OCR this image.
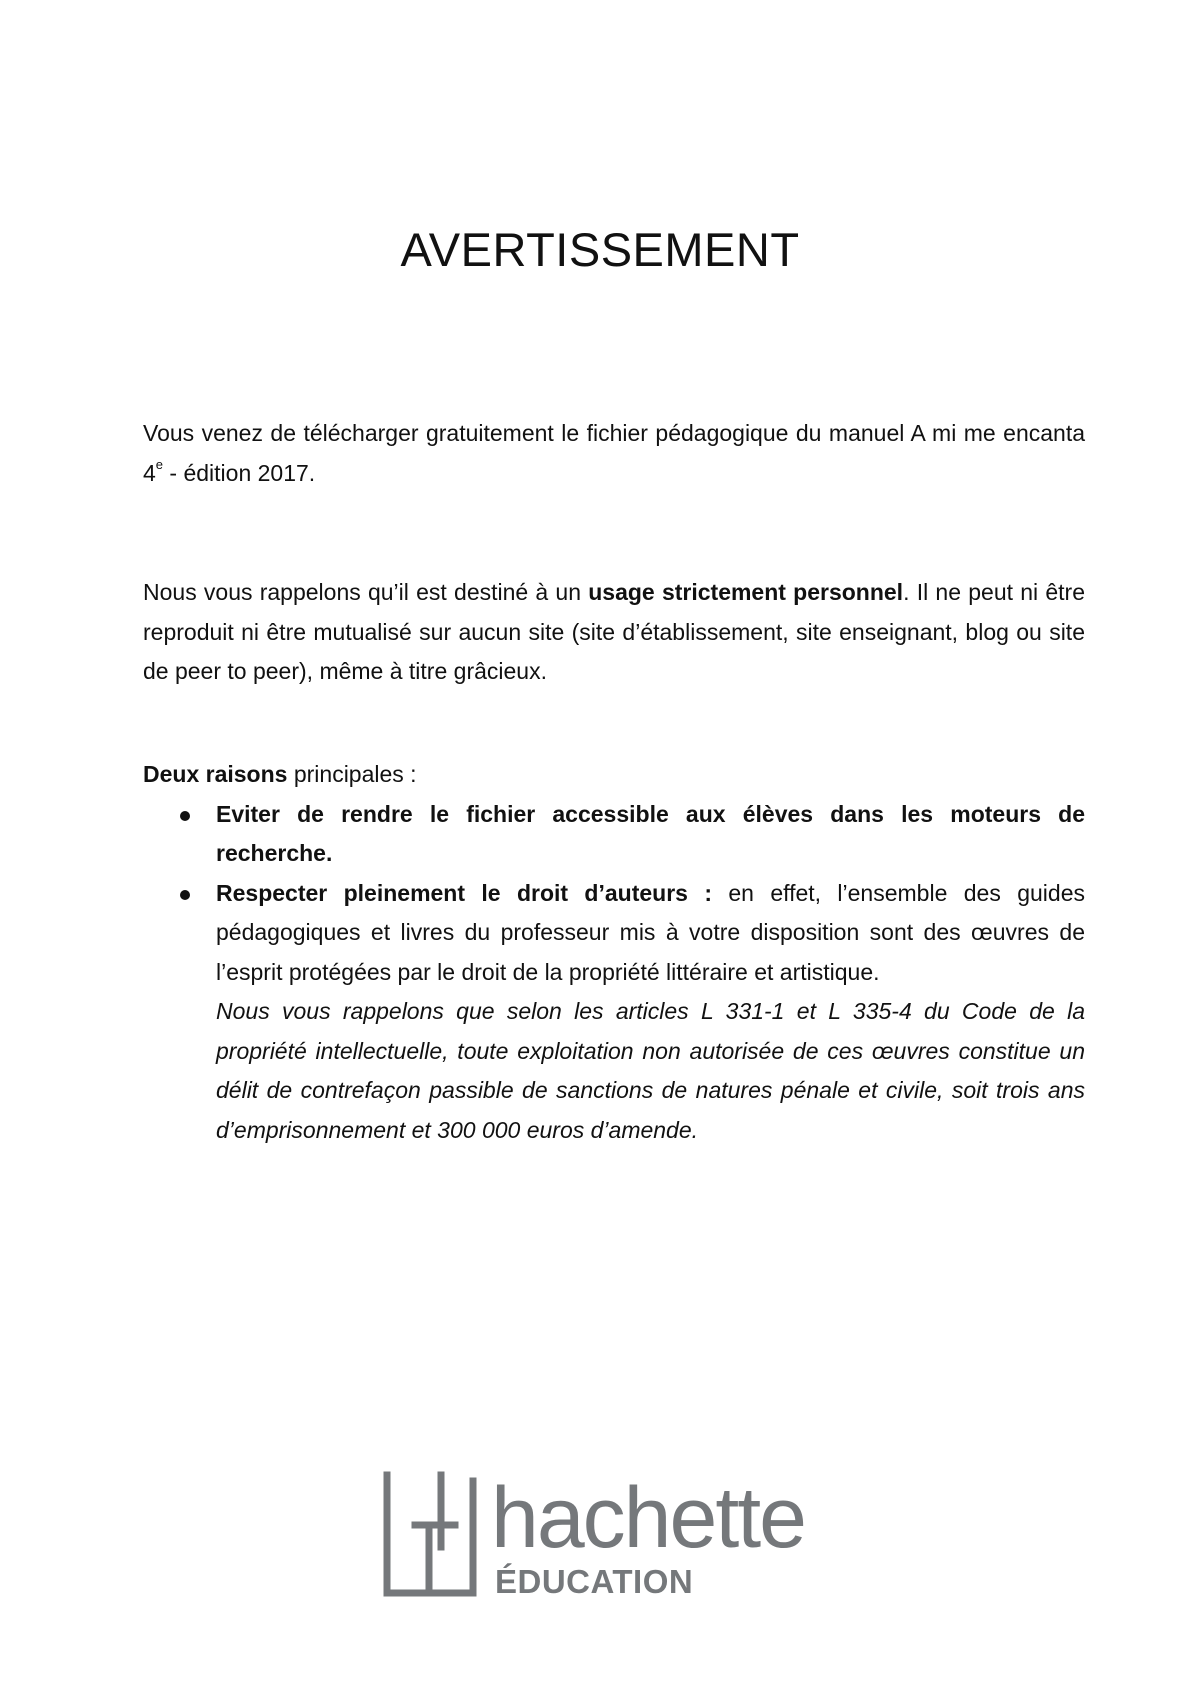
AVERTISSEMENT

Vous venez de télécharger gratuitement le fichier pédagogique du manuel A mi me encanta 4e - édition 2017.

Nous vous rappelons qu’il est destiné à un usage strictement personnel. Il ne peut ni être reproduit ni être mutualisé sur aucun site (site d’établissement, site enseignant, blog ou site de peer to peer), même à titre grâcieux.

Deux raisons principales :
Eviter de rendre le fichier accessible aux élèves dans les moteurs de recherche.
Respecter pleinement le droit d’auteurs : en effet, l’ensemble des guides pédagogiques et livres du professeur mis à votre disposition sont des œuvres de l’esprit protégées par le droit de la propriété littéraire et artistique.
Nous vous rappelons que selon les articles L 331-1 et L 335-4 du Code de la propriété intellectuelle, toute exploitation non autorisée de ces œuvres constitue un délit de contrefaçon passible de sanctions de natures pénale et civile, soit trois ans d’emprisonnement et 300 000 euros d’amende.
hachette
ÉDUCATION
